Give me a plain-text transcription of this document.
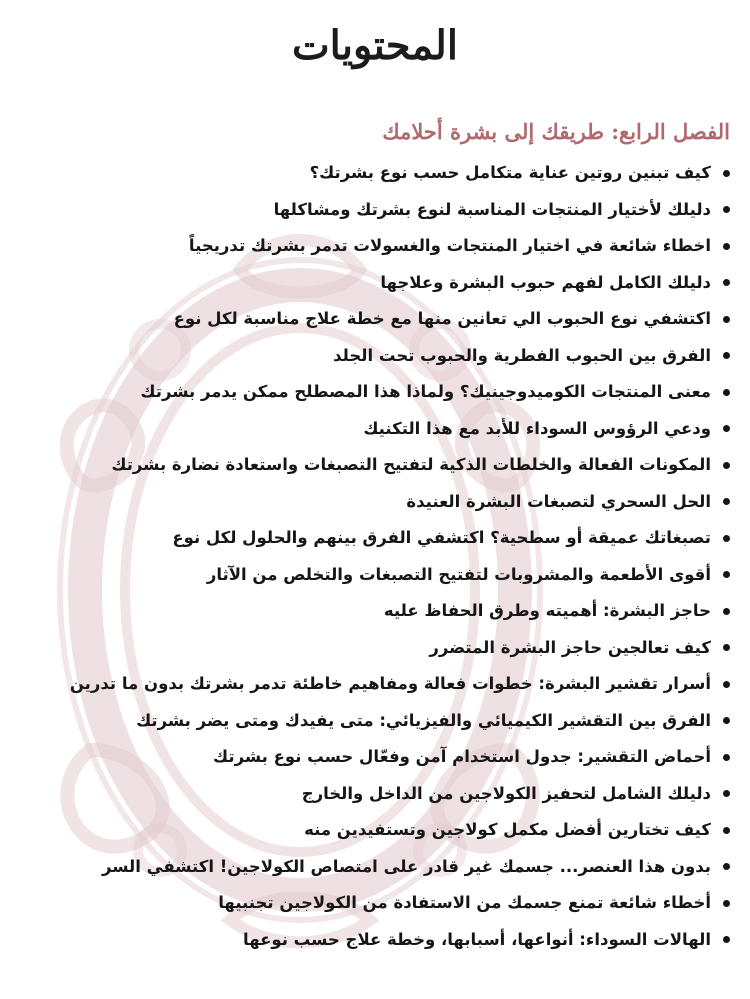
المحتويات
الفصل الرابع: طريقك إلى بشرة أحلامك
كيف تبنين روتين عناية متكامل حسب نوع بشرتك؟
دليلك لأختيار المنتجات المناسبة لنوع بشرتك ومشاكلها
اخطاء شائعة في اختيار المنتجات والغسولات تدمر بشرتك تدريجياً
دليلك الكامل لفهم حبوب البشرة وعلاجها
اكتشفي نوع الحبوب الي تعانين منها مع خطة علاج مناسبة لكل نوع
الفرق بين الحبوب الفطرية والحبوب تحت الجلد
معنى المنتجات الكوميدوجينيك؟ ولماذا هذا المصطلح ممكن يدمر بشرتك
ودعي الرؤوس السوداء للأبد مع هذا التكنيك
المكونات الفعالة والخلطات الذكية لتفتيح التصبغات واستعادة نضارة بشرتك
الحل السحري لتصبغات البشرة العنيدة
تصبغاتك عميقة أو سطحية؟ اكتشفي الفرق بينهم والحلول لكل نوع
أقوى الأطعمة والمشروبات لتفتيح التصبغات والتخلص من الآثار
حاجز البشرة: أهميته وطرق الحفاظ عليه
كيف تعالجين حاجز البشرة المتضرر
أسرار تقشير البشرة: خطوات فعالة ومفاهيم خاطئة تدمر بشرتك بدون ما تدرين
الفرق بين التقشير الكيميائي والفيزيائي: متى يفيدك ومتى يضر بشرتك
أحماض التقشير: جدول استخدام آمن وفعّال حسب نوع بشرتك
دليلك الشامل لتحفيز الكولاجين من الداخل والخارج
كيف تختارين أفضل مكمل كولاجين وتستفيدين منه
بدون هذا العنصر... جسمك غير قادر على امتصاص الكولاجين! اكتشفي السر
أخطاء شائعة تمنع جسمك من الاستفادة من الكولاجين تجنبيها
الهالات السوداء: أنواعها، أسبابها، وخطة علاج حسب نوعها
